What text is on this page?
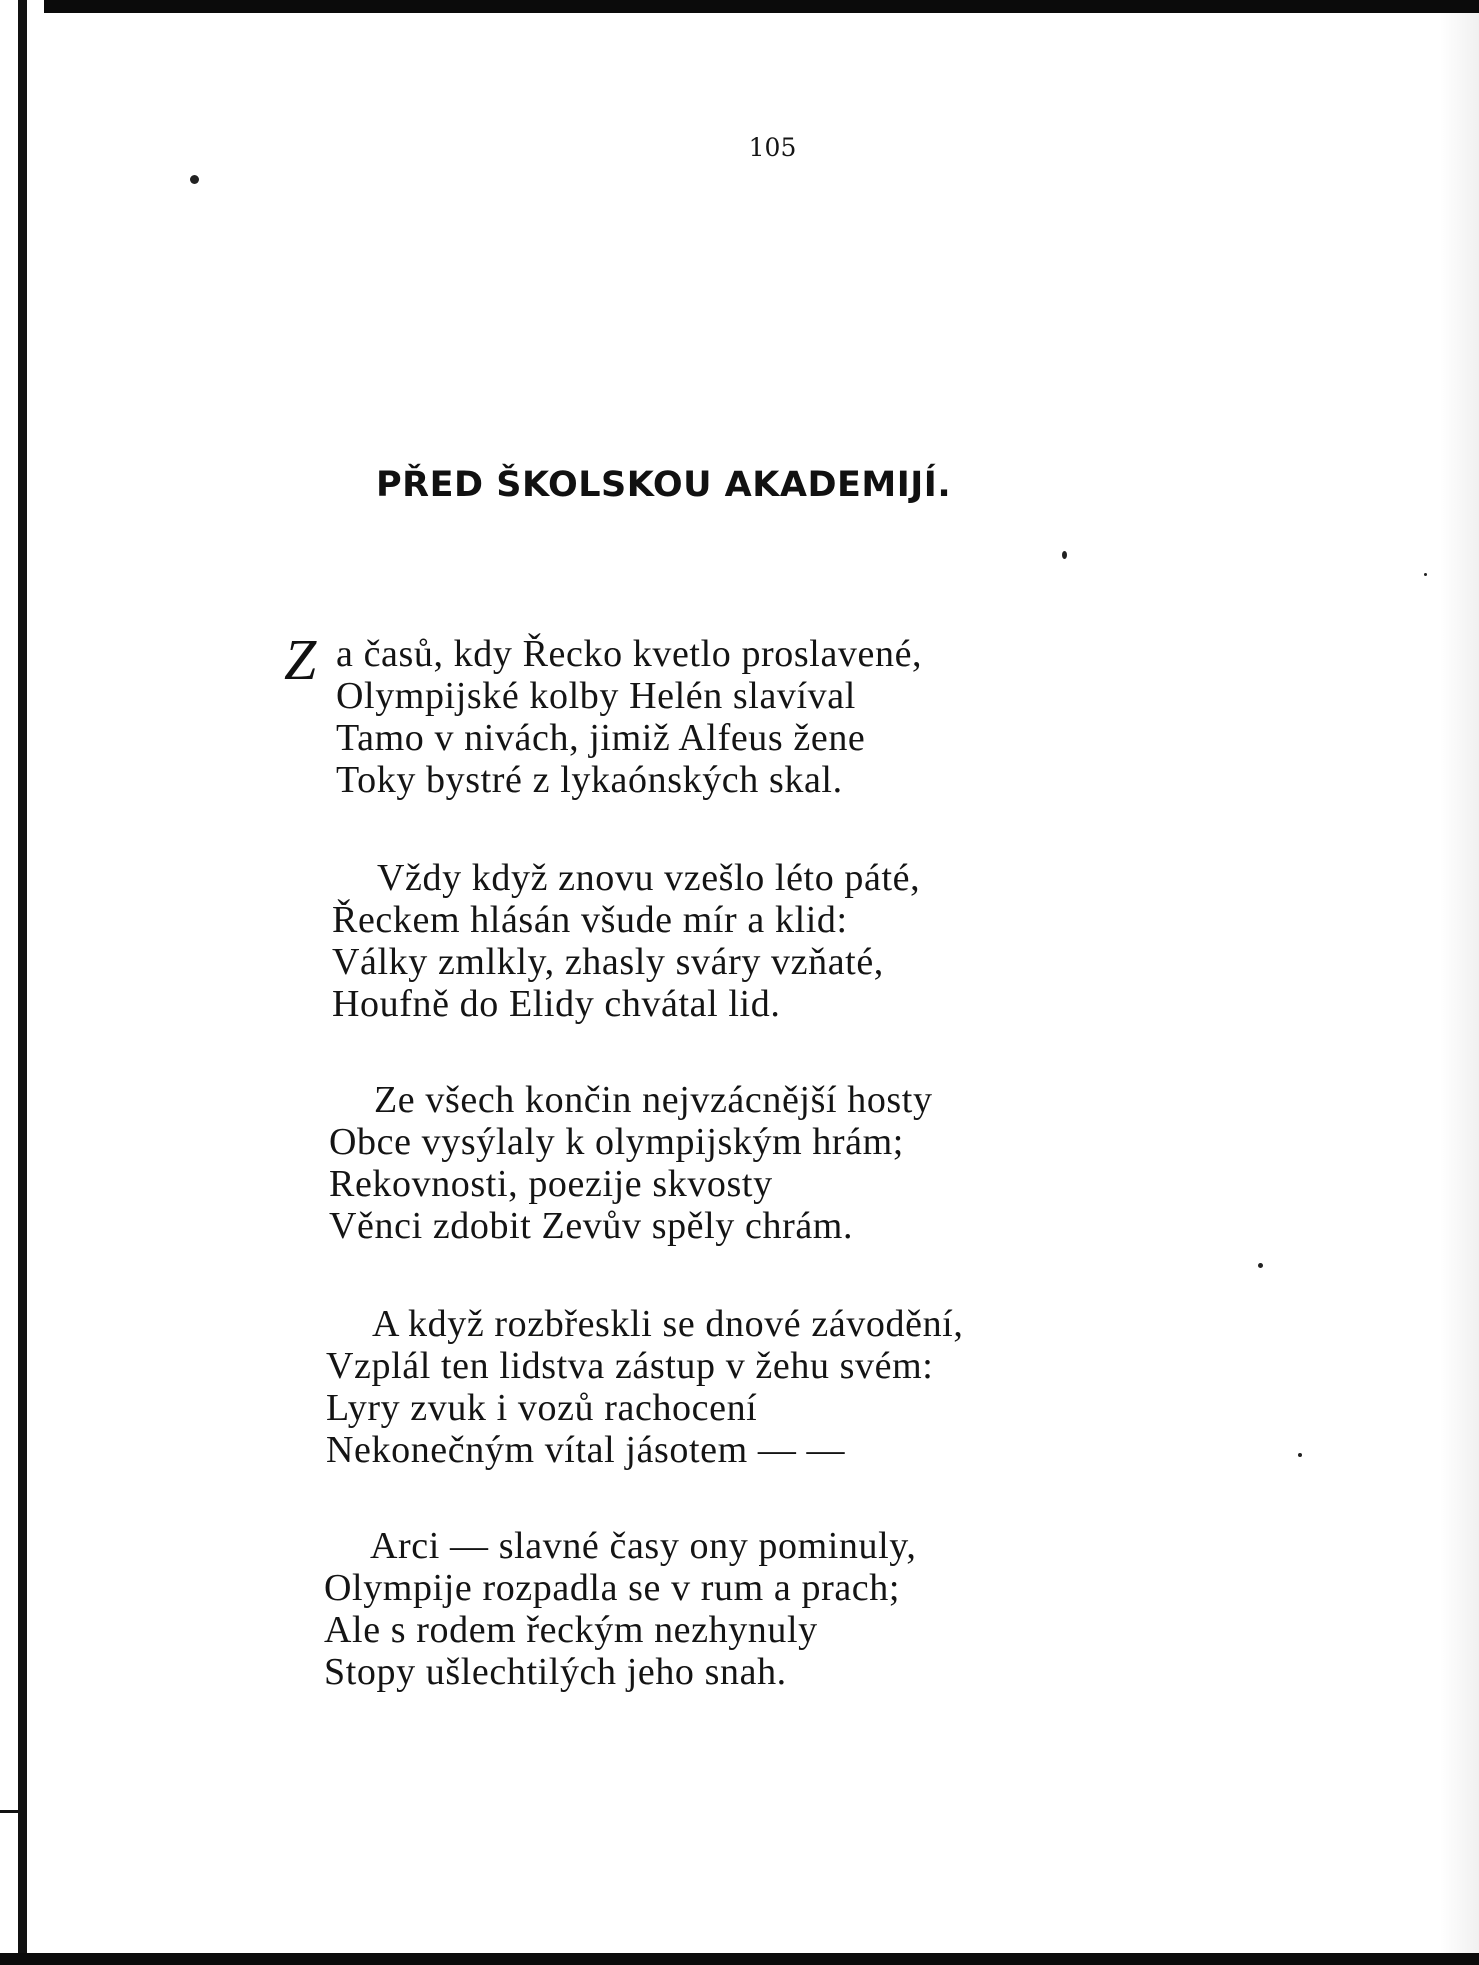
105
PŘED ŠKOLSKOU AKADEMIJÍ.
Z a časů, kdy Řecko kvetlo proslavené,
Olympijské kolby Helén slavíval
Tamo v nivách, jimiž Alfeus žene
Toky bystré z lykaónských skal.
Vždy když znovu vzešlo léto páté,
Řeckem hlásán všude mír a klid:
Války zmlkly, zhasly sváry vzňaté,
Houfně do Elidy chvátal lid.
Ze všech končin nejvzácnější hosty
Obce vysýlaly k olympijským hrám;
Rekovnosti, poezije skvosty
Věnci zdobit Zevův spěly chrám.
A když rozbřeskli se dnové závodění,
Vzplál ten lidstva zástup v žehu svém:
Lyry zvuk i vozů rachocení
Nekonečným vítal jásotem — —
Arci — slavné časy ony pominuly,
Olympije rozpadla se v rum a prach;
Ale s rodem řeckým nezhynuly
Stopy ušlechtilých jeho snah.
